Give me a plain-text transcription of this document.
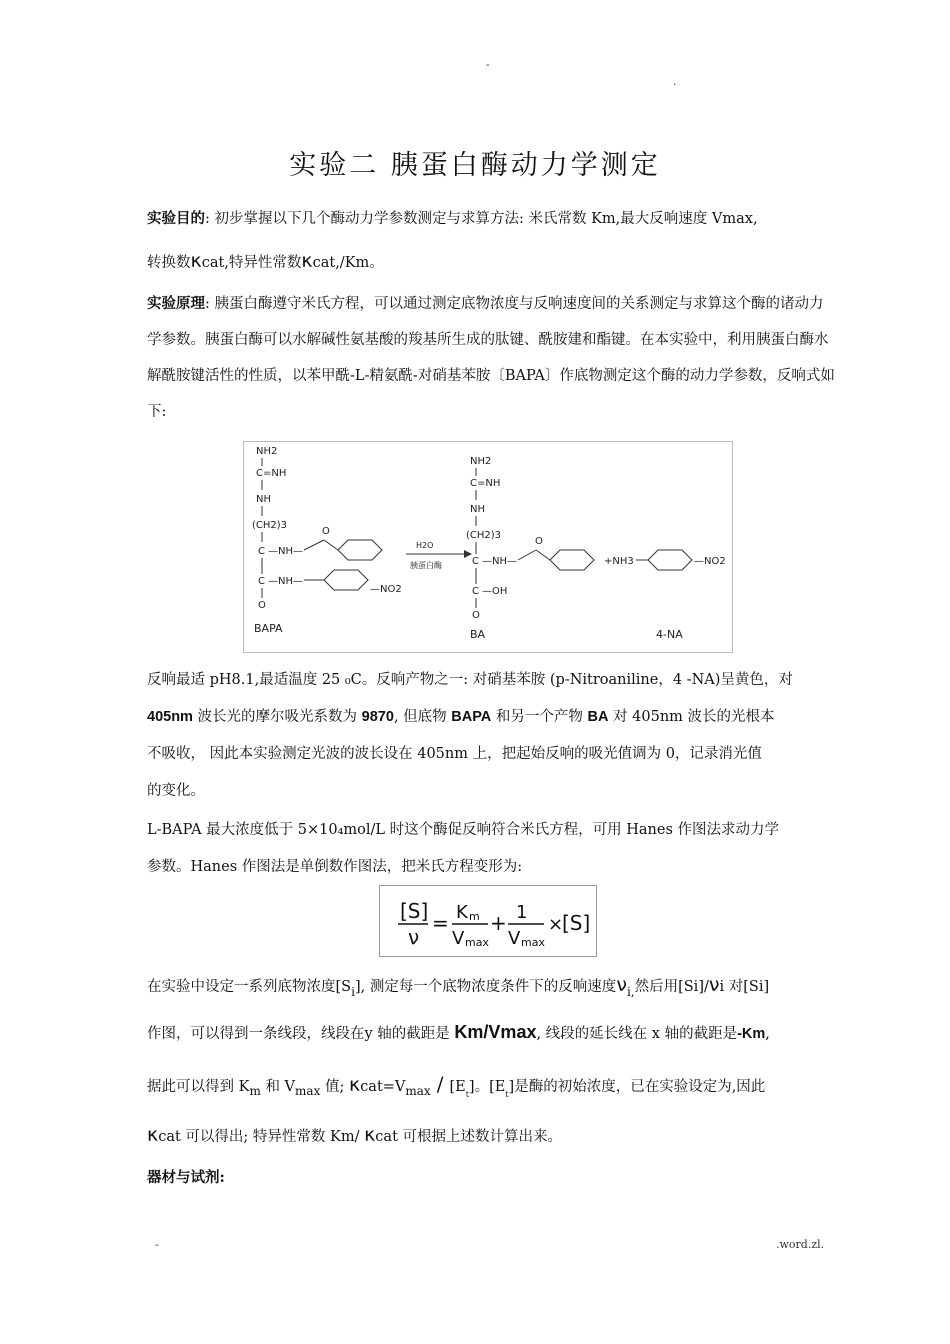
-
.
实验二 胰蛋白酶动力学测定
实验目的: 初步掌握以下几个酶动力学参数测定与求算方法: 米氏常数 Km,最大反响速度 Vmax,
转换数κcat,特异性常数κcat,/Km。
实验原理: 胰蛋白酶遵守米氏方程，可以通过测定底物浓度与反响速度间的关系测定与求算这个酶的诸动力学参数。胰蛋白酶可以水解碱性氨基酸的羧基所生成的肽键、酰胺建和酯键。在本实验中，利用胰蛋白酶水解酰胺键活性的性质，以苯甲酰-L-精氨酰-对硝基苯胺〔BAPA〕作底物测定这个酶的动力学参数，反响式如下:
NH2
C=NH
NH
(CH2)3
C —NH—
C —NH—
O
O
—NO2
BAPA
H2O
胰蛋白酶
NH2
C=NH
NH
(CH2)3
C —NH—
C —OH
O
O
BA
+NH3	—NO2
4-NA
反响最适 pH8.1,最适温度 25 ₀C。反响产物之一: 对硝基苯胺 (p-Nitroaniline，4 -NA)呈黄色，对
405nm 波长光的摩尔吸光系数为 9870, 但底物 BAPA 和另一个产物 BA 对 405nm 波长的光根本
不吸收， 因此本实验测定光波的波长设在 405nm 上，把起始反响的吸光值调为 0，记录消光值
的变化。
L-BAPA 最大浓度低于 5×10₄mol/L 时这个酶促反响符合米氏方程，可用 Hanes 作图法求动力学
参数。Hanes 作图法是单倒数作图法，把米氏方程变形为:
[S]
ν
= K m
V max
+ 1
V max
×
[S]
在实验中设定一系列底物浓度$[S_i]$, 测定每一个底物浓度条件下的反响速度$\nu_{i,}$然后用[Si]/νi 对[Si]
作图，可以得到一条线段，线段在y 轴的截距是 Km/Vmax, 线段的延长线在 x 轴的截距是-Km,
据此可以得到 $K_m$ 和 $V_{max}$ 值; $\kappa cat=V_{max} / [E_t]$。$[E_t]$是酶的初始浓度，已在实验设定为,因此
κcat 可以得出; 特异性常数 Km/ κcat 可根据上述数计算出来。
器材与试剂:
-	.word.zl.
